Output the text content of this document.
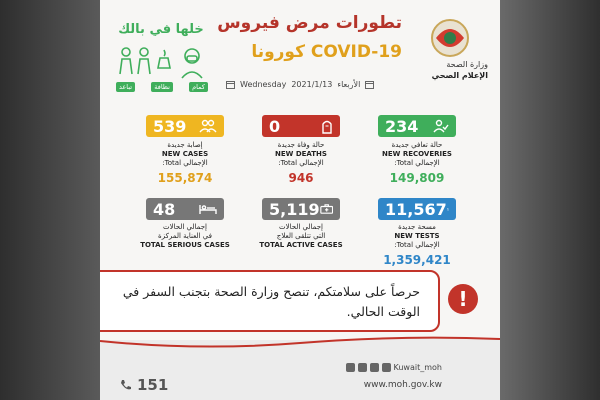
وزارة الصحة
الإعلام الصحي
تطورات مرض فيروس
كورونا COVID-19
Wednesday 2021/1/13 الأربعاء
خلها في بالك
تباعد	نظافة	كمام
539
إصابة جديدة
NEW CASES
الإجمالي Total:
155,874
0
حالة وفاة جديدة
NEW DEATHS
الإجمالي Total:
946
234
حالة تعافي جديدة
NEW RECOVERIES
الإجمالي Total:
149,809
48
إجمالي الحالات
في العناية المركزة
TOTAL SERIOUS CASES
5,119
إجمالي الحالات
التي تتلقى العلاج
TOTAL ACTIVE CASES
11,567
مسحة جديدة
NEW TESTS
الإجمالي Total:
1,359,421
حرصاً على سلامتكم، تنصح وزارة الصحة بتجنب السفر في الوقت الحالي.
!
151
Kuwait_moh
www.moh.gov.kw
